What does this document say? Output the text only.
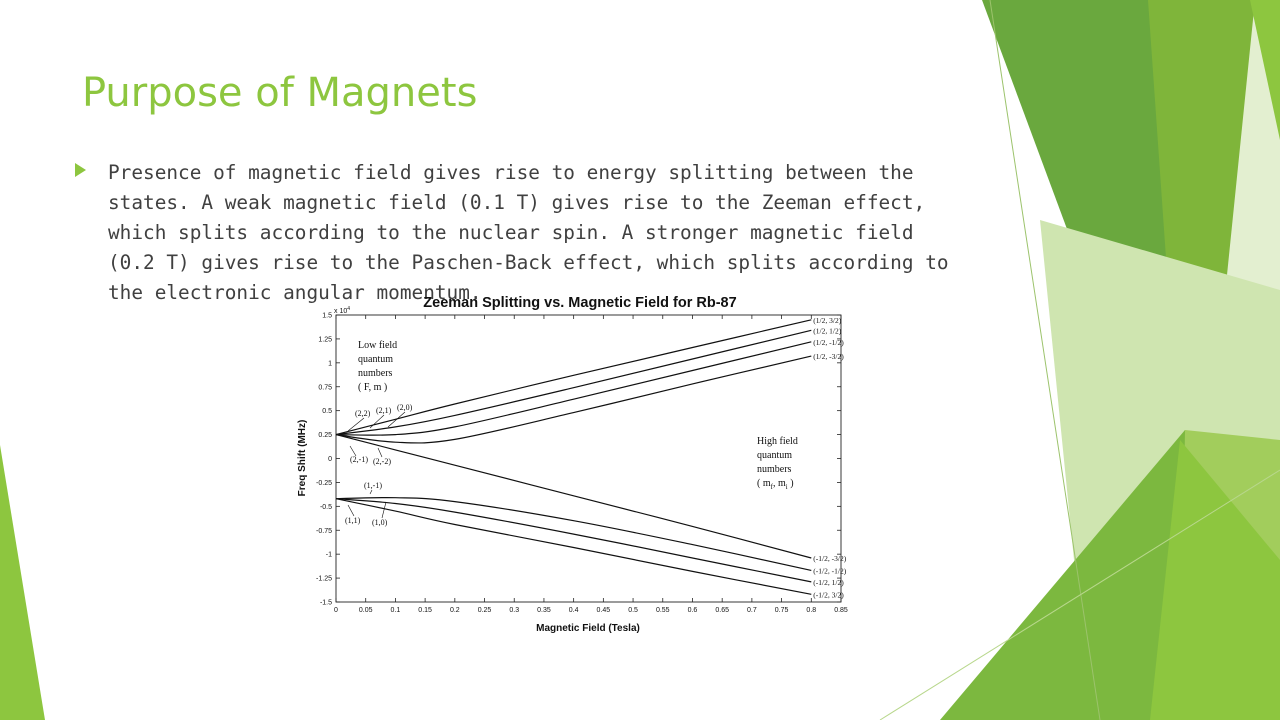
Purpose of Magnets

Presence of magnetic field gives rise to energy splitting between the states. A weak magnetic field (0.1 T) gives rise to the Zeeman effect, which splits according to the nuclear spin. A stronger magnetic field (0.2 T) gives rise to the Paschen-Back effect, which splits according to the electronic angular momentum.

Zeeman Splitting vs. Magnetic Field for Rb-87
x $10^4$
1.5
1.25
1
0.75
0.5
0.25
0
-0.25
-0.5
-0.75
-1
-1.25
-1.5
0	0.05	0.1	0.15	0.2	0.25	0.3	0.35	0.4	0.45	0.5	0.55	0.6	0.65	0.7	0.75	0.8	0.85
Freq Shift (MHz)
Magnetic Field (Tesla)
(1/2, 3/2)
(1/2, 1/2)
(1/2, -1/2)
(1/2, -3/2)
(-1/2, -3/2)
(-1/2, -1/2)
(-1/2, 1/2)
(-1/2, 3/2)
Low field
quantum
numbers
( F, m )
High field
quantum
numbers
( $m_f$, $m_i$ )
(2,2) (2,1) (2,0)
(2,-1) (2,-2)
(1,-1)
(1,1) (1,0)
